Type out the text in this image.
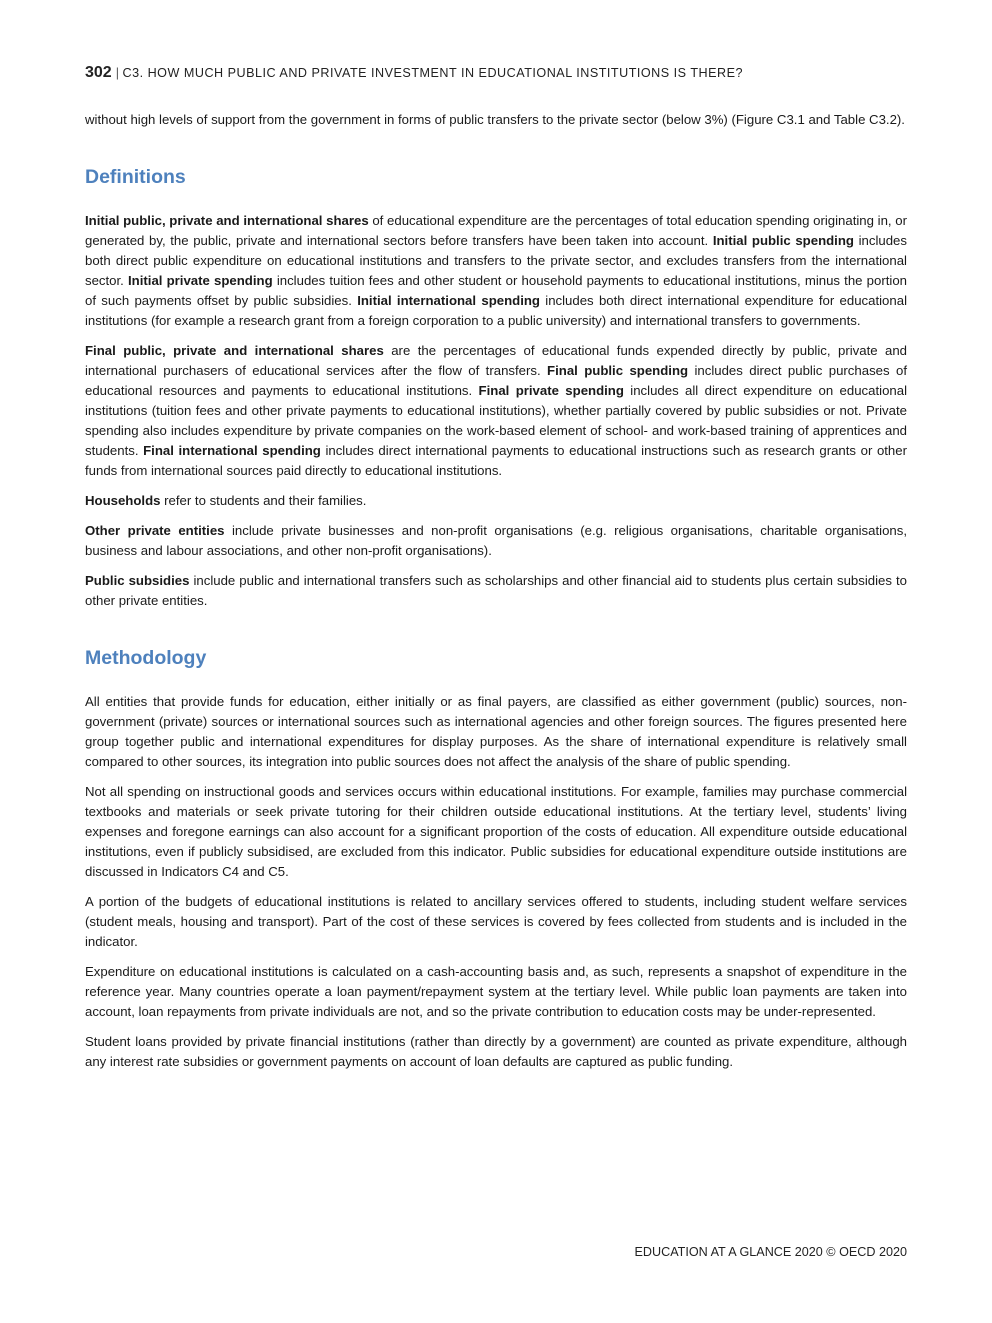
302 | C3. HOW MUCH PUBLIC AND PRIVATE INVESTMENT IN EDUCATIONAL INSTITUTIONS IS THERE?

without high levels of support from the government in forms of public transfers to the private sector (below 3%) (Figure C3.1 and Table C3.2).

Definitions

Initial public, private and international shares of educational expenditure are the percentages of total education spending originating in, or generated by, the public, private and international sectors before transfers have been taken into account. Initial public spending includes both direct public expenditure on educational institutions and transfers to the private sector, and excludes transfers from the international sector. Initial private spending includes tuition fees and other student or household payments to educational institutions, minus the portion of such payments offset by public subsidies. Initial international spending includes both direct international expenditure for educational institutions (for example a research grant from a foreign corporation to a public university) and international transfers to governments.

Final public, private and international shares are the percentages of educational funds expended directly by public, private and international purchasers of educational services after the flow of transfers. Final public spending includes direct public purchases of educational resources and payments to educational institutions. Final private spending includes all direct expenditure on educational institutions (tuition fees and other private payments to educational institutions), whether partially covered by public subsidies or not. Private spending also includes expenditure by private companies on the work-based element of school- and work-based training of apprentices and students. Final international spending includes direct international payments to educational instructions such as research grants or other funds from international sources paid directly to educational institutions.

Households refer to students and their families.

Other private entities include private businesses and non-profit organisations (e.g. religious organisations, charitable organisations, business and labour associations, and other non-profit organisations).

Public subsidies include public and international transfers such as scholarships and other financial aid to students plus certain subsidies to other private entities.

Methodology

All entities that provide funds for education, either initially or as final payers, are classified as either government (public) sources, non-government (private) sources or international sources such as international agencies and other foreign sources. The figures presented here group together public and international expenditures for display purposes. As the share of international expenditure is relatively small compared to other sources, its integration into public sources does not affect the analysis of the share of public spending.

Not all spending on instructional goods and services occurs within educational institutions. For example, families may purchase commercial textbooks and materials or seek private tutoring for their children outside educational institutions. At the tertiary level, students’ living expenses and foregone earnings can also account for a significant proportion of the costs of education. All expenditure outside educational institutions, even if publicly subsidised, are excluded from this indicator. Public subsidies for educational expenditure outside institutions are discussed in Indicators C4 and C5.

A portion of the budgets of educational institutions is related to ancillary services offered to students, including student welfare services (student meals, housing and transport). Part of the cost of these services is covered by fees collected from students and is included in the indicator.

Expenditure on educational institutions is calculated on a cash-accounting basis and, as such, represents a snapshot of expenditure in the reference year. Many countries operate a loan payment/repayment system at the tertiary level. While public loan payments are taken into account, loan repayments from private individuals are not, and so the private contribution to education costs may be under-represented.

Student loans provided by private financial institutions (rather than directly by a government) are counted as private expenditure, although any interest rate subsidies or government payments on account of loan defaults are captured as public funding.

EDUCATION AT A GLANCE 2020 © OECD 2020
